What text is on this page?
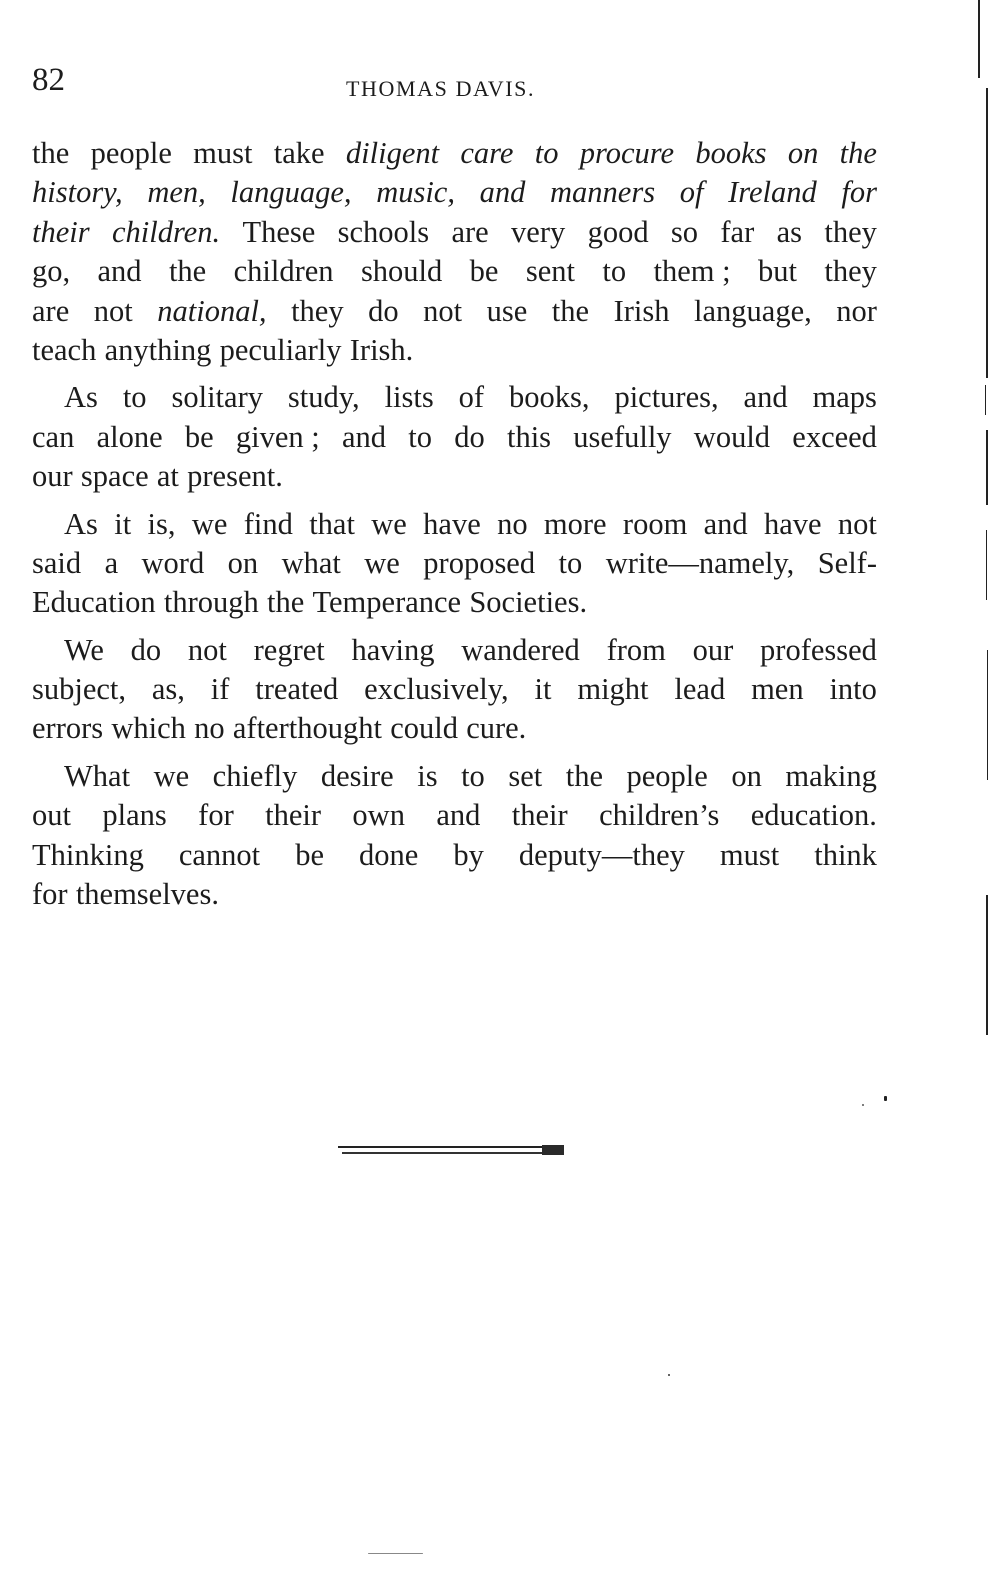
82	THOMAS DAVIS.
the people must take diligent care to procure books on the
history, men, language, music, and manners of Ireland for
their children. These schools are very good so far as they
go, and the children should be sent to them ; but they
are not national, they do not use the Irish language, nor
teach anything peculiarly Irish.
As to solitary study, lists of books, pictures, and maps
can alone be given ; and to do this usefully would exceed
our space at present.
As it is, we find that we have no more room and have not
said a word on what we proposed to write—namely, Self-
Education through the Temperance Societies.
We do not regret having wandered from our professed
subject, as, if treated exclusively, it might lead men into
errors which no afterthought could cure.
What we chiefly desire is to set the people on making
out plans for their own and their children’s education.
Thinking cannot be done by deputy—they must think
for themselves.
